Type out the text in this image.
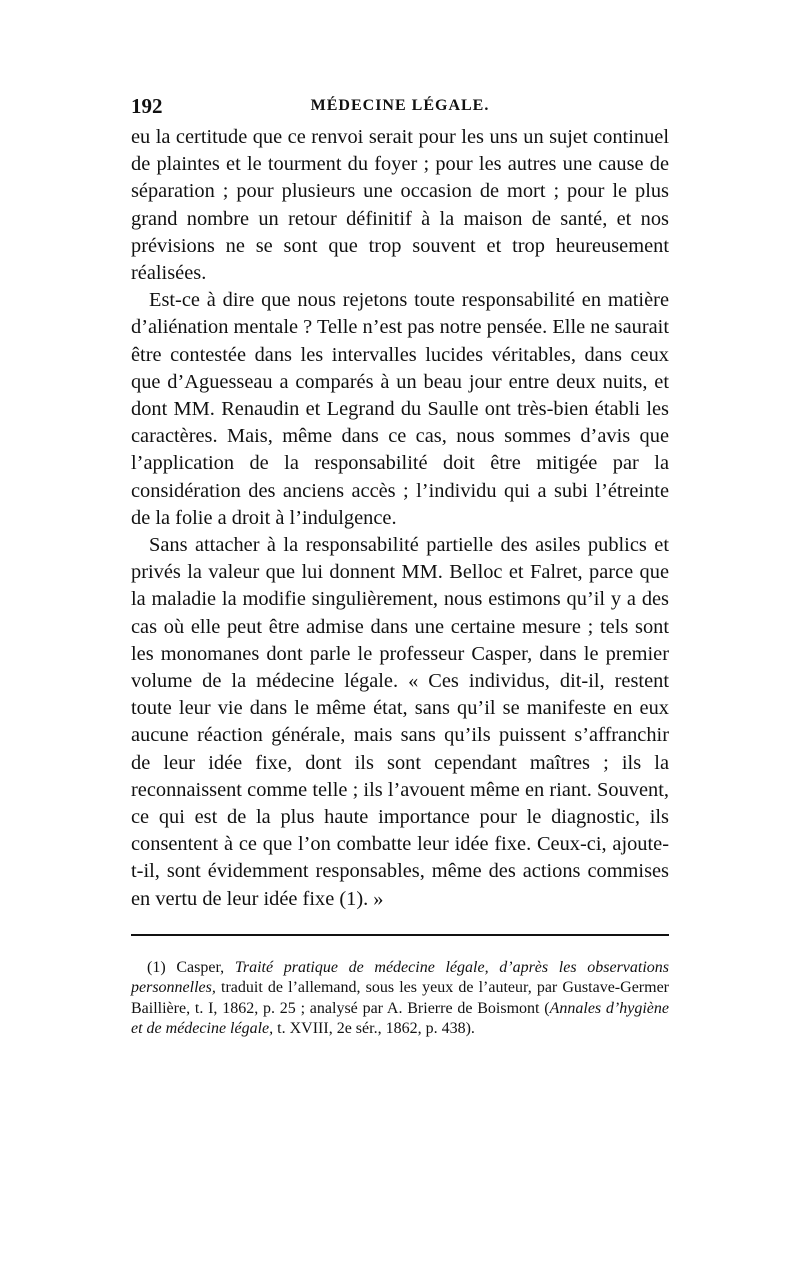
192	MÉDECINE LÉGALE.

eu la certitude que ce renvoi serait pour les uns un sujet continuel de plaintes et le tourment du foyer ; pour les autres une cause de séparation ; pour plusieurs une occasion de mort ; pour le plus grand nombre un retour définitif à la maison de santé, et nos prévisions ne se sont que trop souvent et trop heureusement réalisées.

Est-ce à dire que nous rejetons toute responsabilité en matière d’aliénation mentale ? Telle n’est pas notre pensée. Elle ne saurait être contestée dans les intervalles lucides véritables, dans ceux que d’Aguesseau a comparés à un beau jour entre deux nuits, et dont MM. Renaudin et Legrand du Saulle ont très-bien établi les caractères. Mais, même dans ce cas, nous sommes d’avis que l’application de la responsabilité doit être mitigée par la considération des anciens accès ; l’individu qui a subi l’étreinte de la folie a droit à l’indulgence.

Sans attacher à la responsabilité partielle des asiles publics et privés la valeur que lui donnent MM. Belloc et Falret, parce que la maladie la modifie singulièrement, nous estimons qu’il y a des cas où elle peut être admise dans une certaine mesure ; tels sont les monomanes dont parle le professeur Casper, dans le premier volume de la médecine légale. « Ces individus, dit-il, restent toute leur vie dans le même état, sans qu’il se manifeste en eux aucune réaction générale, mais sans qu’ils puissent s’affranchir de leur idée fixe, dont ils sont cependant maîtres ; ils la reconnaissent comme telle ; ils l’avouent même en riant. Souvent, ce qui est de la plus haute importance pour le diagnostic, ils consentent à ce que l’on combatte leur idée fixe. Ceux-ci, ajoute-t-il, sont évidemment responsables, même des actions commises en vertu de leur idée fixe (1). »

(1) Casper, Traité pratique de médecine légale, d’après les observations personnelles, traduit de l’allemand, sous les yeux de l’auteur, par Gustave-Germer Baillière, t. I, 1862, p. 25 ; analysé par A. Brierre de Boismont (Annales d’hygiène et de médecine légale, t. XVIII, 2e sér., 1862, p. 438).
